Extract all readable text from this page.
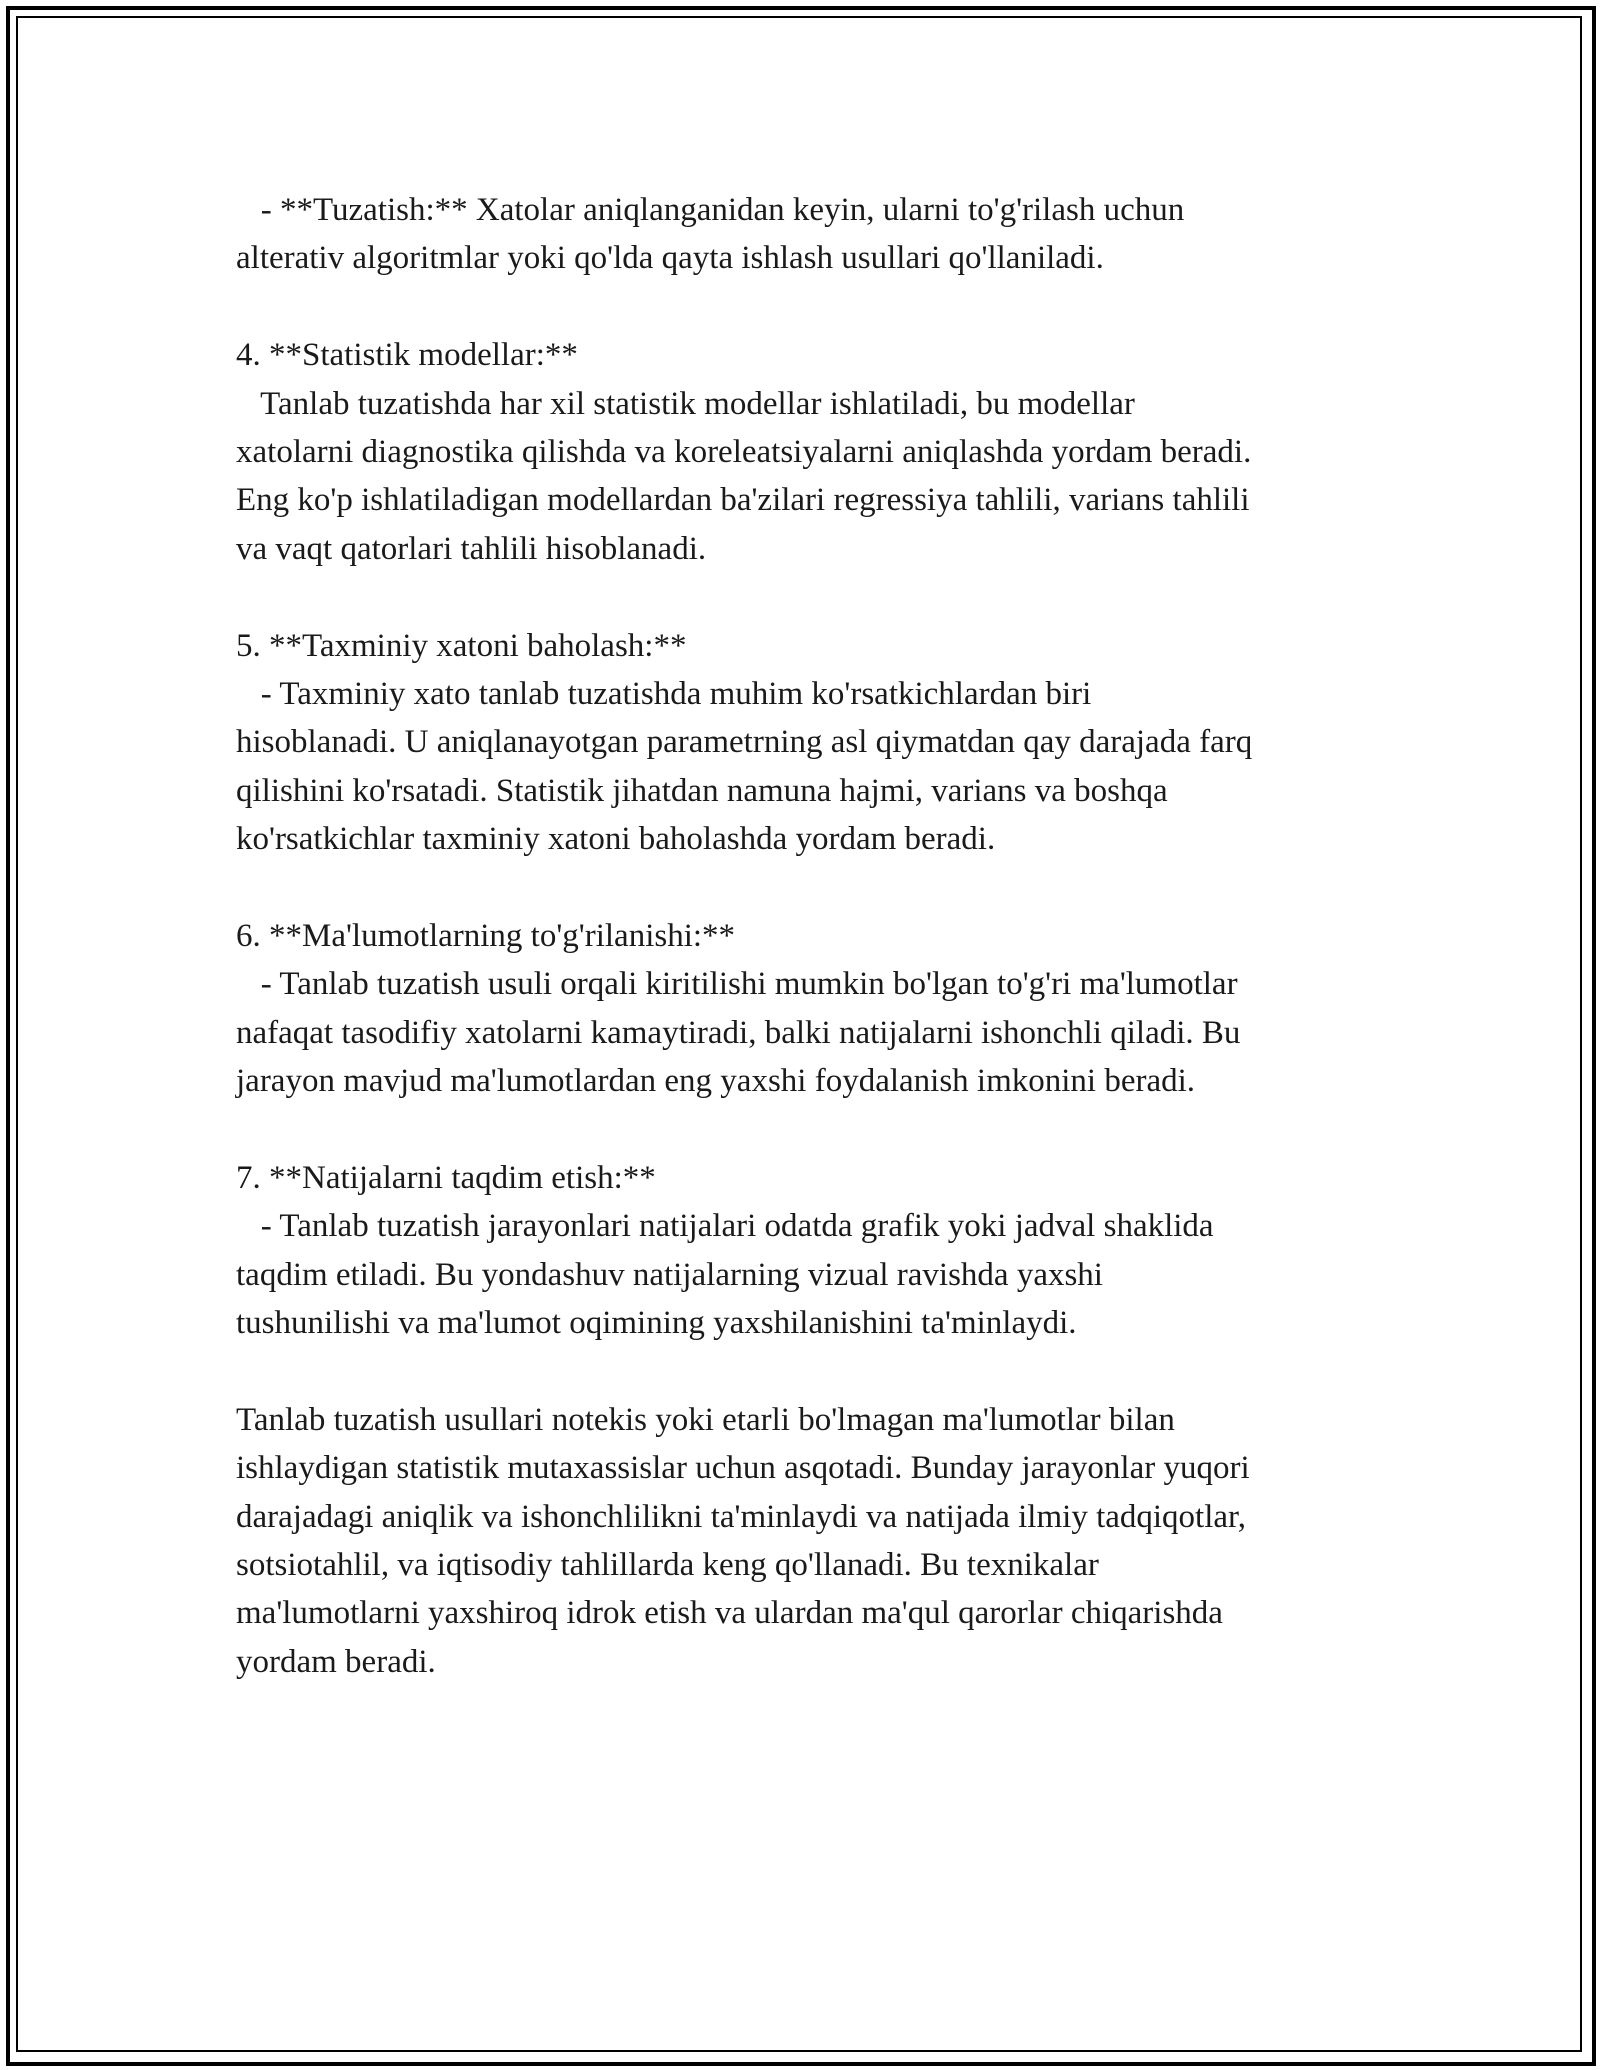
- **Tuzatish:** Xatolar aniqlanganidan keyin, ularni to'g'rilash uchun
alterativ algoritmlar yoki qo'lda qayta ishlash usullari qo'llaniladi.
4. **Statistik modellar:**
Tanlab tuzatishda har xil statistik modellar ishlatiladi, bu modellar
xatolarni diagnostika qilishda va koreleatsiyalarni aniqlashda yordam beradi.
Eng ko'p ishlatiladigan modellardan ba'zilari regressiya tahlili, varians tahlili
va vaqt qatorlari tahlili hisoblanadi.
5. **Taxminiy xatoni baholash:**
- Taxminiy xato tanlab tuzatishda muhim ko'rsatkichlardan biri
hisoblanadi. U aniqlanayotgan parametrning asl qiymatdan qay darajada farq
qilishini ko'rsatadi. Statistik jihatdan namuna hajmi, varians va boshqa
ko'rsatkichlar taxminiy xatoni baholashda yordam beradi.
6. **Ma'lumotlarning to'g'rilanishi:**
- Tanlab tuzatish usuli orqali kiritilishi mumkin bo'lgan to'g'ri ma'lumotlar
nafaqat tasodifiy xatolarni kamaytiradi, balki natijalarni ishonchli qiladi. Bu
jarayon mavjud ma'lumotlardan eng yaxshi foydalanish imkonini beradi.
7. **Natijalarni taqdim etish:**
- Tanlab tuzatish jarayonlari natijalari odatda grafik yoki jadval shaklida
taqdim etiladi. Bu yondashuv natijalarning vizual ravishda yaxshi
tushunilishi va ma'lumot oqimining yaxshilanishini ta'minlaydi.
Tanlab tuzatish usullari notekis yoki etarli bo'lmagan ma'lumotlar bilan
ishlaydigan statistik mutaxassislar uchun asqotadi. Bunday jarayonlar yuqori
darajadagi aniqlik va ishonchlilikni ta'minlaydi va natijada ilmiy tadqiqotlar,
sotsiotahlil, va iqtisodiy tahlillarda keng qo'llanadi. Bu texnikalar
ma'lumotlarni yaxshiroq idrok etish va ulardan ma'qul qarorlar chiqarishda
yordam beradi.
